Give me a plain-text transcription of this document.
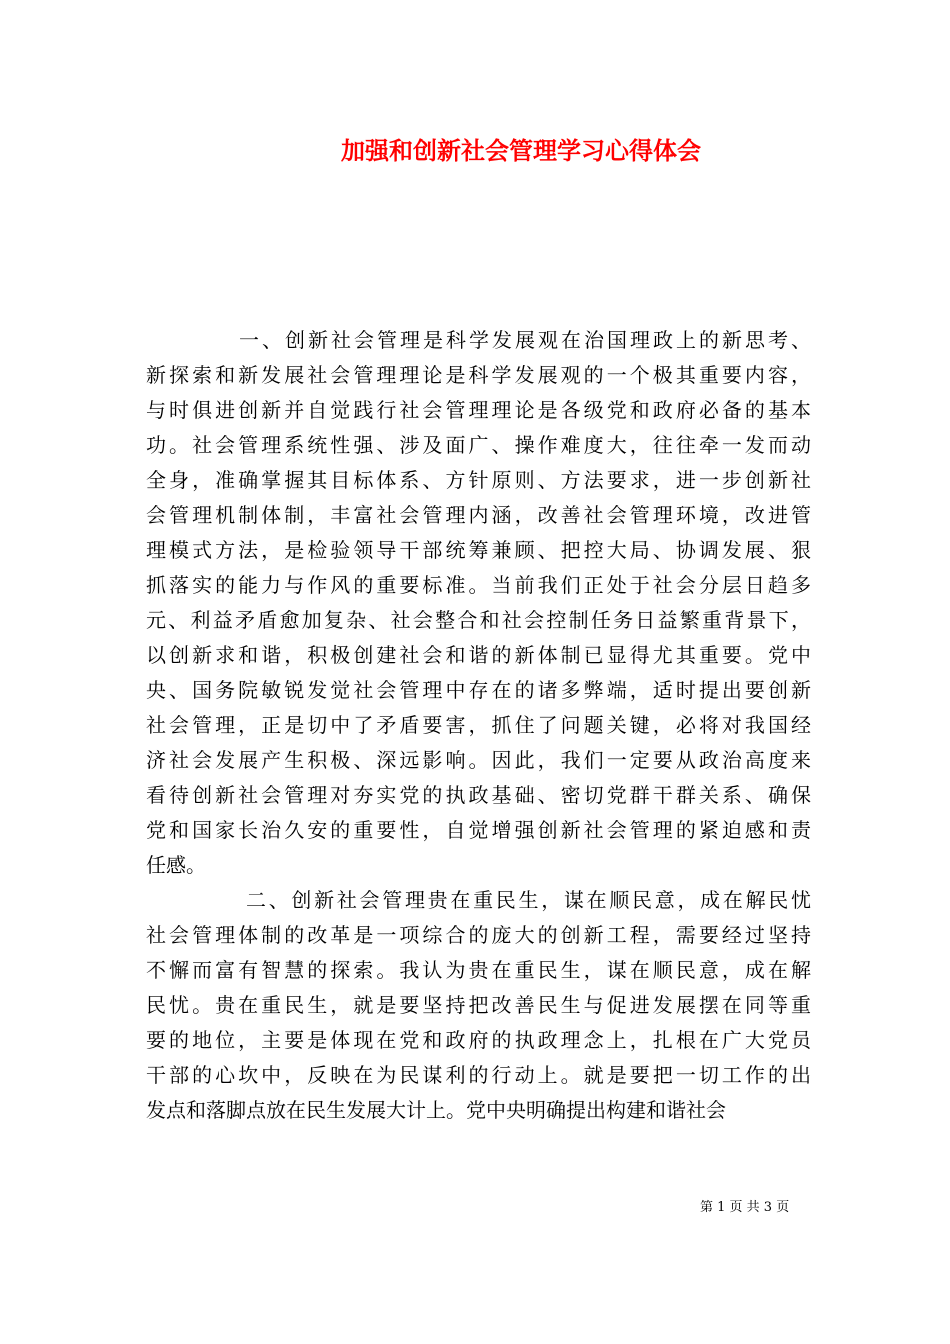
加强和创新社会管理学习心得体会
一、创新社会管理是科学发展观在治国理政上的新思考、
新探索和新发展社会管理理论是科学发展观的一个极其重要内容，
与时俱进创新并自觉践行社会管理理论是各级党和政府必备的基本
功。社会管理系统性强、涉及面广、操作难度大，往往牵一发而动
全身，准确掌握其目标体系、方针原则、方法要求，进一步创新社
会管理机制体制，丰富社会管理内涵，改善社会管理环境，改进管
理模式方法，是检验领导干部统筹兼顾、把控大局、协调发展、狠
抓落实的能力与作风的重要标准。当前我们正处于社会分层日趋多
元、利益矛盾愈加复杂、社会整合和社会控制任务日益繁重背景下，
以创新求和谐，积极创建社会和谐的新体制已显得尤其重要。党中
央、国务院敏锐发觉社会管理中存在的诸多弊端，适时提出要创新
社会管理，正是切中了矛盾要害，抓住了问题关键，必将对我国经
济社会发展产生积极、深远影响。因此，我们一定要从政治高度来
看待创新社会管理对夯实党的执政基础、密切党群干群关系、确保
党和国家长治久安的重要性，自觉增强创新社会管理的紧迫感和责
任感。
二、创新社会管理贵在重民生，谋在顺民意，成在解民忧
社会管理体制的改革是一项综合的庞大的创新工程，需要经过坚持
不懈而富有智慧的探索。我认为贵在重民生，谋在顺民意，成在解
民忧。贵在重民生，就是要坚持把改善民生与促进发展摆在同等重
要的地位，主要是体现在党和政府的执政理念上，扎根在广大党员
干部的心坎中，反映在为民谋利的行动上。就是要把一切工作的出
发点和落脚点放在民生发展大计上。党中央明确提出构建和谐社会
第 1 页 共 3 页
